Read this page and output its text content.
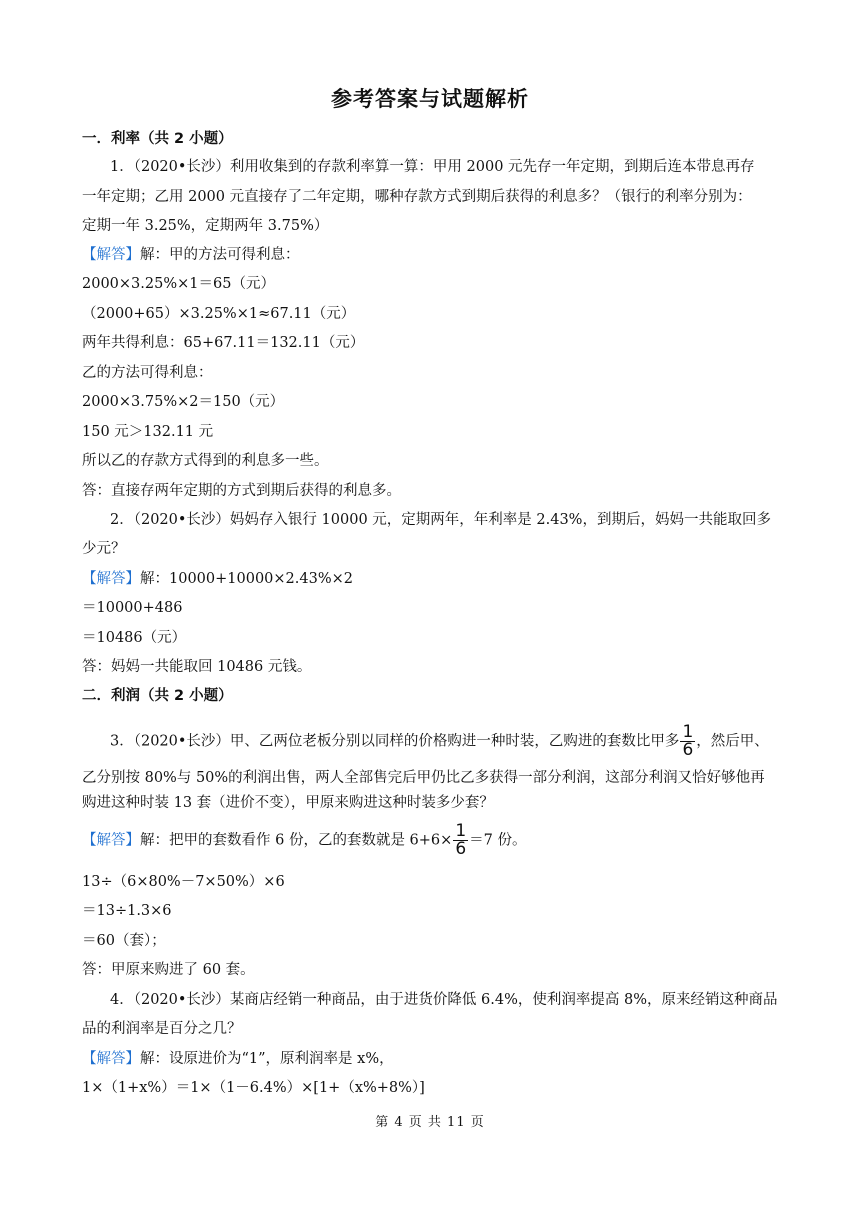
参考答案与试题解析
一．利率（共 2 小题）
1．（2020•长沙）利用收集到的存款利率算一算：甲用 2000 元先存一年定期，到期后连本带息再存
一年定期；乙用 2000 元直接存了二年定期，哪种存款方式到期后获得的利息多？（银行的利率分别为：
定期一年 3.25%，定期两年 3.75%）
【解答】解：甲的方法可得利息：
2000×3.25%×1＝65（元）
（2000+65）×3.25%×1≈67.11（元）
两年共得利息：65+67.11＝132.11（元）
乙的方法可得利息：
2000×3.75%×2＝150（元）
150 元＞132.11 元
所以乙的存款方式得到的利息多一些。
答：直接存两年定期的方式到期后获得的利息多。
2．（2020•长沙）妈妈存入银行 10000 元，定期两年，年利率是 2.43%，到期后，妈妈一共能取回多
少元？
【解答】解：10000+10000×2.43%×2
＝10000+486
＝10486（元）
答：妈妈一共能取回 10486 元钱。
二．利润（共 2 小题）
3．（2020•长沙）甲、乙两位老板分别以同样的价格购进一种时装，乙购进的套数比甲多 $\frac{1}{6}$ ，然后甲、
乙分别按 80%与 50%的利润出售，两人全部售完后甲仍比乙多获得一部分利润，这部分利润又恰好够他再
购进这种时装 13 套（进价不变），甲原来购进这种时装多少套？
【解答】解：把甲的套数看作 6 份，乙的套数就是 $6+6\times \frac{1}{6} =7$ 份。
13÷（6×80%－7×50%）×6
＝13÷1.3×6
＝60（套）；
答：甲原来购进了 60 套。
4．（2020•长沙）某商店经销一种商品，由于进货价降低 6.4%，使利润率提高 8%，原来经销这种商品
品的利润率是百分之几？
【解答】解：设原进价为“1”，原利润率是 x%，
1×（1+x%）＝1×（1－6.4%）×[1+（x%+8%）]
第 4 页 共 11 页
